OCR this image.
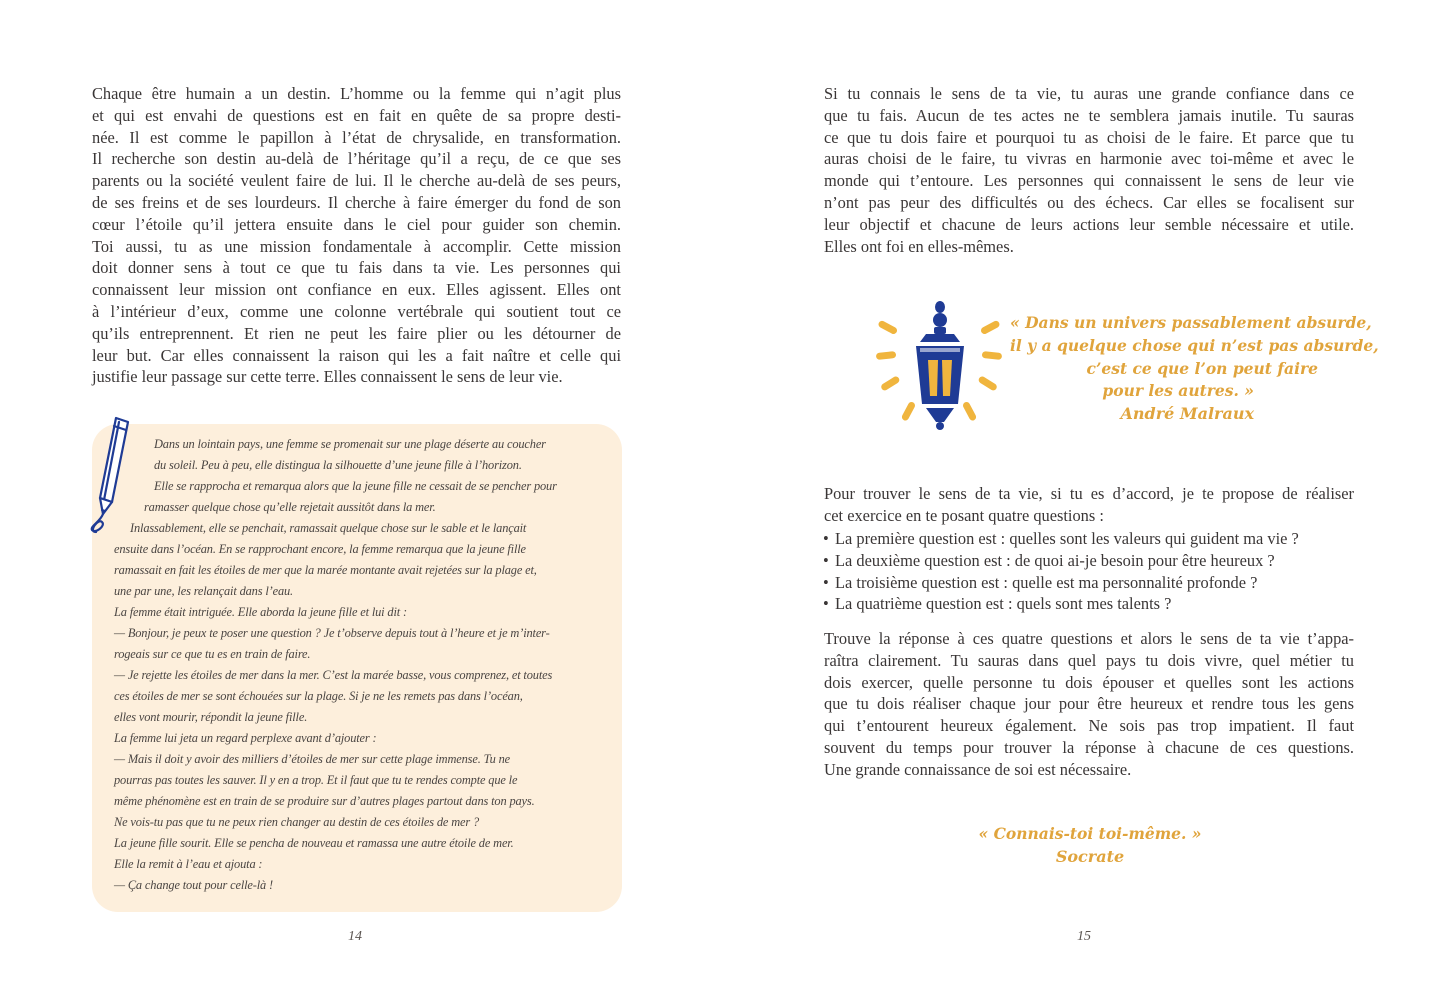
Chaque être humain a un destin. L’homme ou la femme qui n’agit plus
et qui est envahi de questions est en fait en quête de sa propre desti-
née. Il est comme le papillon à l’état de chrysalide, en transformation.
Il recherche son destin au-delà de l’héritage qu’il a reçu, de ce que ses
parents ou la société veulent faire de lui. Il le cherche au-delà de ses peurs,
de ses freins et de ses lourdeurs. Il cherche à faire émerger du fond de son
cœur l’étoile qu’il jettera ensuite dans le ciel pour guider son chemin.
Toi aussi, tu as une mission fondamentale à accomplir. Cette mission
doit donner sens à tout ce que tu fais dans ta vie. Les personnes qui
connaissent leur mission ont confiance en eux. Elles agissent. Elles ont
à l’intérieur d’eux, comme une colonne vertébrale qui soutient tout ce
qu’ils entreprennent. Et rien ne peut les faire plier ou les détourner de
leur but. Car elles connaissent la raison qui les a fait naître et celle qui
justifie leur passage sur cette terre. Elles connaissent le sens de leur vie.
Dans un lointain pays, une femme se promenait sur une plage déserte au coucher
du soleil. Peu à peu, elle distingua la silhouette d’une jeune fille à l’horizon.
Elle se rapprocha et remarqua alors que la jeune fille ne cessait de se pencher pour
ramasser quelque chose qu’elle rejetait aussitôt dans la mer.
Inlassablement, elle se penchait, ramassait quelque chose sur le sable et le lançait
ensuite dans l’océan. En se rapprochant encore, la femme remarqua que la jeune fille
ramassait en fait les étoiles de mer que la marée montante avait rejetées sur la plage et,
une par une, les relançait dans l’eau.
La femme était intriguée. Elle aborda la jeune fille et lui dit :
— Bonjour, je peux te poser une question ? Je t’observe depuis tout à l’heure et je m’inter-
rogeais sur ce que tu es en train de faire.
— Je rejette les étoiles de mer dans la mer. C’est la marée basse, vous comprenez, et toutes
ces étoiles de mer se sont échouées sur la plage. Si je ne les remets pas dans l’océan,
elles vont mourir, répondit la jeune fille.
La femme lui jeta un regard perplexe avant d’ajouter :
— Mais il doit y avoir des milliers d’étoiles de mer sur cette plage immense. Tu ne
pourras pas toutes les sauver. Il y en a trop. Et il faut que tu te rendes compte que le
même phénomène est en train de se produire sur d’autres plages partout dans ton pays.
Ne vois-tu pas que tu ne peux rien changer au destin de ces étoiles de mer ?
La jeune fille sourit. Elle se pencha de nouveau et ramassa une autre étoile de mer.
Elle la remit à l’eau et ajouta :
— Ça change tout pour celle-là !
14
Si tu connais le sens de ta vie, tu auras une grande confiance dans ce
que tu fais. Aucun de tes actes ne te semblera jamais inutile. Tu sauras
ce que tu dois faire et pourquoi tu as choisi de le faire. Et parce que tu
auras choisi de le faire, tu vivras en harmonie avec toi-même et avec le
monde qui t’entoure. Les personnes qui connaissent le sens de leur vie
n’ont pas peur des difficultés ou des échecs. Car elles se focalisent sur
leur objectif et chacune de leurs actions leur semble nécessaire et utile.
Elles ont foi en elles-mêmes.
« Dans un univers passablement absurde,
il y a quelque chose qui n’est pas absurde,
c’est ce que l’on peut faire
pour les autres. »
André Malraux
Pour trouver le sens de ta vie, si tu es d’accord, je te propose de réaliser
cet exercice en te posant quatre questions :
• La première question est : quelles sont les valeurs qui guident ma vie ?
• La deuxième question est : de quoi ai-je besoin pour être heureux ?
• La troisième question est : quelle est ma personnalité profonde ?
• La quatrième question est : quels sont mes talents ?
Trouve la réponse à ces quatre questions et alors le sens de ta vie t’appa-
raîtra clairement. Tu sauras dans quel pays tu dois vivre, quel métier tu
dois exercer, quelle personne tu dois épouser et quelles sont les actions
que tu dois réaliser chaque jour pour être heureux et rendre tous les gens
qui t’entourent heureux également. Ne sois pas trop impatient. Il faut
souvent du temps pour trouver la réponse à chacune de ces questions.
Une grande connaissance de soi est nécessaire.
« Connais-toi toi-même. »
Socrate
15
